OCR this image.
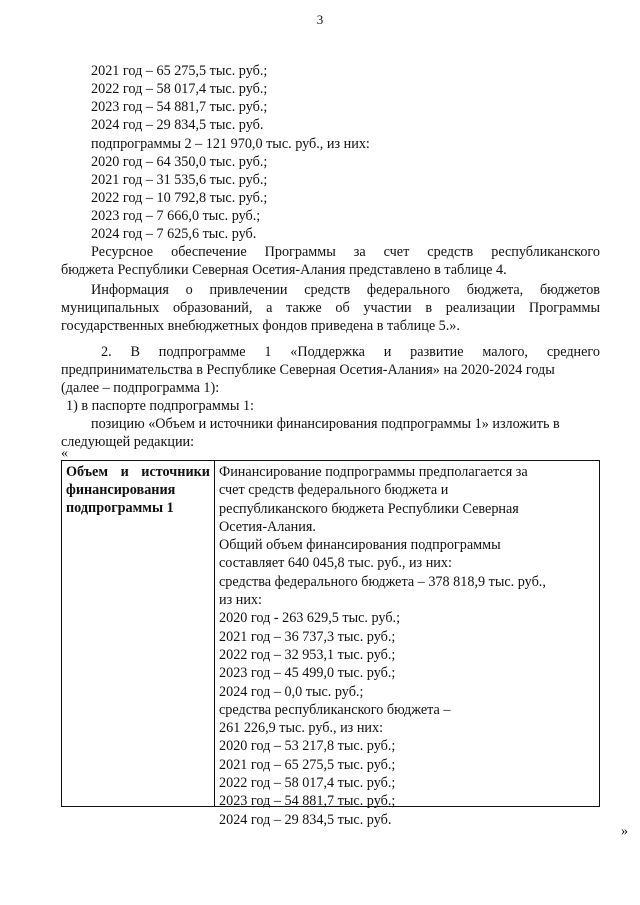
3
2021 год – 65 275,5 тыс. руб.;
2022 год – 58 017,4 тыс. руб.;
2023 год – 54 881,7 тыс. руб.;
2024 год – 29 834,5 тыс. руб.
подпрограммы 2 – 121 970,0 тыс. руб., из них:
2020 год – 64 350,0 тыс. руб.;
2021 год – 31 535,6 тыс. руб.;
2022 год – 10 792,8 тыс. руб.;
2023 год – 7 666,0 тыс. руб.;
2024 год – 7 625,6 тыс. руб.
Ресурсное обеспечение Программы за счет средств республиканского
бюджета Республики Северная Осетия-Алания представлено в таблице 4.
Информация о привлечении средств федерального бюджета, бюджетов
муниципальных образований, а также об участии в реализации Программы
государственных внебюджетных фондов приведена в таблице 5.».
2. В подпрограмме 1 «Поддержка и развитие малого, среднего
предпринимательства в Республике Северная Осетия-Алания» на 2020-2024 годы
(далее – подпрограмма 1):
1) в паспорте подпрограммы 1:
позицию «Объем и источники финансирования подпрограммы 1» изложить в
следующей редакции:
«
Объем и источники
финансирования
подпрограммы 1
Финансирование подпрограммы предполагается за
счет средств федерального бюджета и
республиканского бюджета Республики Северная
Осетия-Алания.
Общий объем финансирования подпрограммы
составляет 640 045,8 тыс. руб., из них:
средства федерального бюджета – 378 818,9 тыс. руб.,
из них:
2020 год - 263 629,5 тыс. руб.;
2021 год – 36 737,3 тыс. руб.;
2022 год – 32 953,1 тыс. руб.;
2023 год – 45 499,0 тыс. руб.;
2024 год – 0,0 тыс. руб.;
средства республиканского бюджета –
261 226,9 тыс. руб., из них:
2020 год – 53 217,8 тыс. руб.;
2021 год – 65 275,5 тыс. руб.;
2022 год – 58 017,4 тыс. руб.;
2023 год – 54 881,7 тыс. руб.;
2024 год – 29 834,5 тыс. руб.
»
